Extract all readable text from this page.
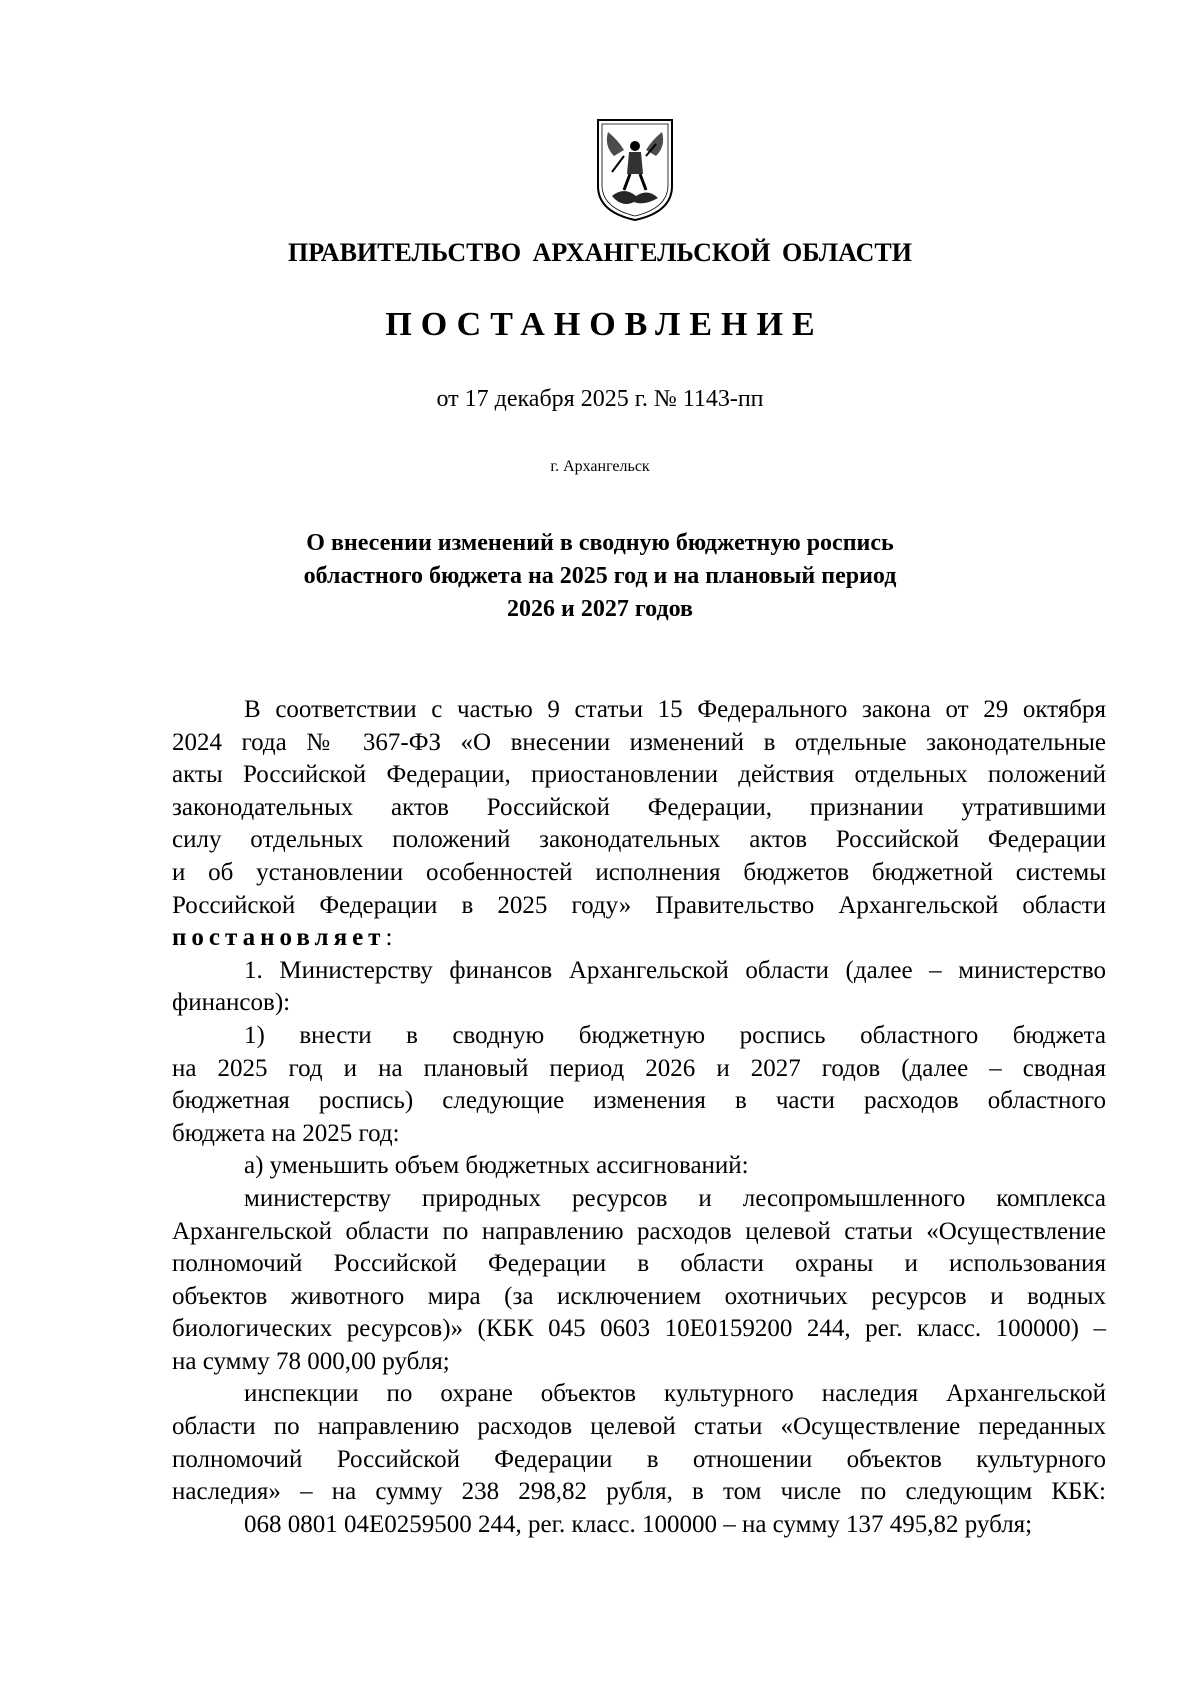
ПРАВИТЕЛЬСТВО АРХАНГЕЛЬСКОЙ ОБЛАСТИ
ПОСТАНОВЛЕНИЕ
от 17 декабря 2025 г. № 1143-пп
г. Архангельск
О внесении изменений в сводную бюджетную роспись
областного бюджета на 2025 год и на плановый период
2026 и 2027 годов
В соответствии с частью 9 статьи 15 Федерального закона от 29 октября
2024 года № 367-ФЗ «О внесении изменений в отдельные законодательные
акты Российской Федерации, приостановлении действия отдельных положений
законодательных актов Российской Федерации, признании утратившими
силу отдельных положений законодательных актов Российской Федерации
и об установлении особенностей исполнения бюджетов бюджетной системы
Российской Федерации в 2025 году» Правительство Архангельской области
постановляет:
1. Министерству финансов Архангельской области (далее – министерство
финансов):
1) внести в сводную бюджетную роспись областного бюджета
на 2025 год и на плановый период 2026 и 2027 годов (далее – сводная
бюджетная роспись) следующие изменения в части расходов областного
бюджета на 2025 год:
а) уменьшить объем бюджетных ассигнований:
министерству природных ресурсов и лесопромышленного комплекса
Архангельской области по направлению расходов целевой статьи «Осуществление
полномочий Российской Федерации в области охраны и использования
объектов животного мира (за исключением охотничьих ресурсов и водных
биологических ресурсов)» (КБК 045 0603 10Е0159200 244, рег. класс. 100000) –
на сумму 78 000,00 рубля;
инспекции по охране объектов культурного наследия Архангельской
области по направлению расходов целевой статьи «Осуществление переданных
полномочий Российской Федерации в отношении объектов культурного
наследия» – на сумму 238 298,82 рубля, в том числе по следующим КБК:
068 0801 04Е0259500 244, рег. класс. 100000 – на сумму 137 495,82 рубля;
